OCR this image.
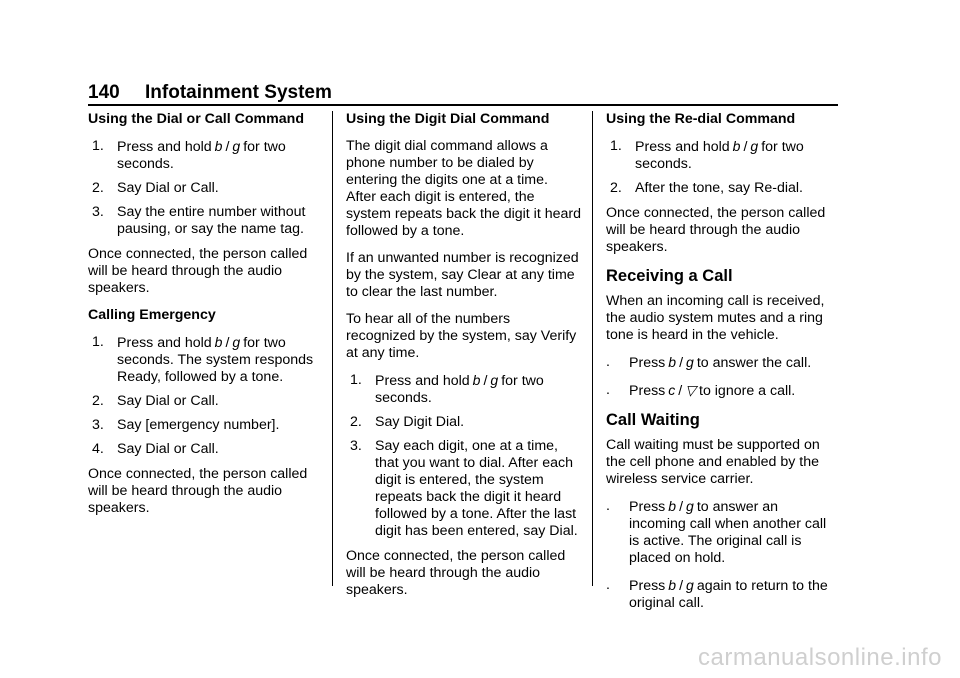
140 Infotainment System
Using the Dial or Call Command
1. Press and hold b / g for two seconds.
2. Say Dial or Call.
3. Say the entire number without pausing, or say the name tag.
Once connected, the person called will be heard through the audio speakers.
Calling Emergency
1. Press and hold b / g for two seconds. The system responds Ready, followed by a tone.
2. Say Dial or Call.
3. Say [emergency number].
4. Say Dial or Call.
Once connected, the person called will be heard through the audio speakers.
Using the Digit Dial Command
The digit dial command allows a phone number to be dialed by entering the digits one at a time. After each digit is entered, the system repeats back the digit it heard followed by a tone.
If an unwanted number is recognized by the system, say Clear at any time to clear the last number.
To hear all of the numbers recognized by the system, say Verify at any time.
1. Press and hold b / g for two seconds.
2. Say Digit Dial.
3. Say each digit, one at a time, that you want to dial. After each digit is entered, the system repeats back the digit it heard followed by a tone. After the last digit has been entered, say Dial.
Once connected, the person called will be heard through the audio speakers.
Using the Re-dial Command
1. Press and hold b / g for two seconds.
2. After the tone, say Re-dial.
Once connected, the person called will be heard through the audio speakers.
Receiving a Call
When an incoming call is received, the audio system mutes and a ring tone is heard in the vehicle.
. Press b / g to answer the call.
. Press c / ▽ to ignore a call.
Call Waiting
Call waiting must be supported on the cell phone and enabled by the wireless service carrier.
. Press b / g to answer an incoming call when another call is active. The original call is placed on hold.
. Press b / g again to return to the original call.
carmanualsonline.info
